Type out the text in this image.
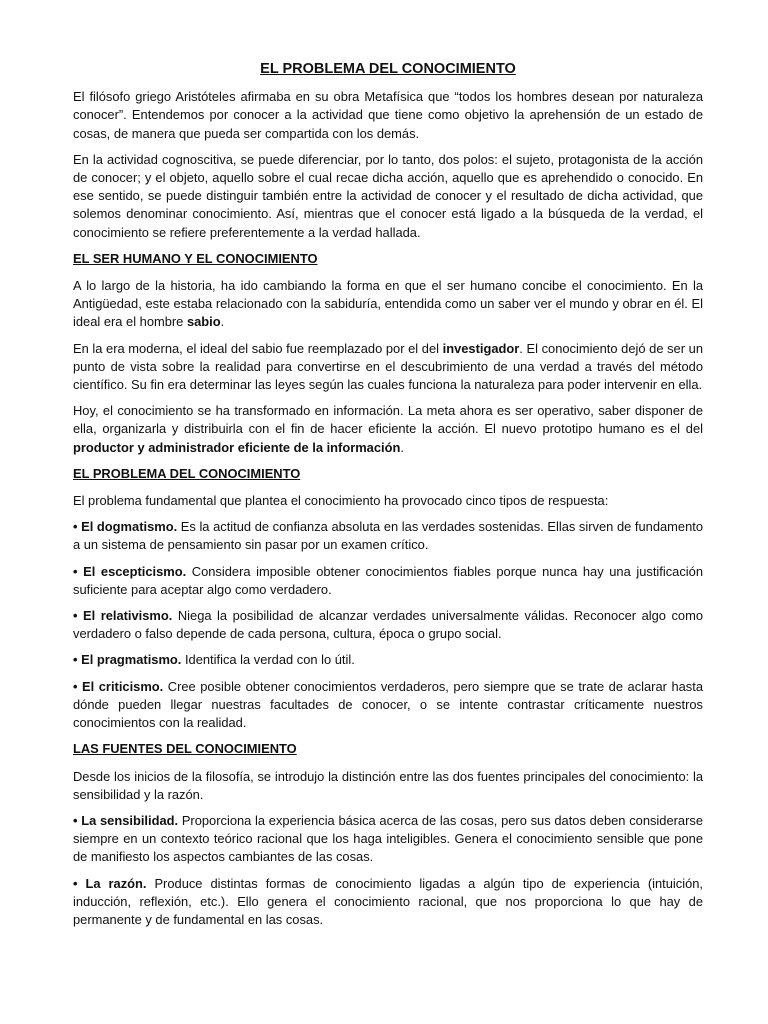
EL PROBLEMA DEL CONOCIMIENTO
El filósofo griego Aristóteles afirmaba en su obra Metafísica que “todos los hombres desean por naturaleza conocer”. Entendemos por conocer a la actividad que tiene como objetivo la aprehensión de un estado de cosas, de manera que pueda ser compartida con los demás.
En la actividad cognoscitiva, se puede diferenciar, por lo tanto, dos polos: el sujeto, protagonista de la acción de conocer; y el objeto, aquello sobre el cual recae dicha acción, aquello que es aprehendido o conocido. En ese sentido, se puede distinguir también entre la actividad de conocer y el resultado de dicha actividad, que solemos denominar conocimiento. Así, mientras que el conocer está ligado a la búsqueda de la verdad, el conocimiento se refiere preferentemente a la verdad hallada.
EL SER HUMANO Y EL CONOCIMIENTO
A lo largo de la historia, ha ido cambiando la forma en que el ser humano concibe el conocimiento. En la Antigüedad, este estaba relacionado con la sabiduría, entendida como un saber ver el mundo y obrar en él. El ideal era el hombre sabio.
En la era moderna, el ideal del sabio fue reemplazado por el del investigador. El conocimiento dejó de ser un punto de vista sobre la realidad para convertirse en el descubrimiento de una verdad a través del método científico. Su fin era determinar las leyes según las cuales funciona la naturaleza para poder intervenir en ella.
Hoy, el conocimiento se ha transformado en información. La meta ahora es ser operativo, saber disponer de ella, organizarla y distribuirla con el fin de hacer eficiente la acción. El nuevo prototipo humano es el del productor y administrador eficiente de la información.
EL PROBLEMA DEL CONOCIMIENTO
El problema fundamental que plantea el conocimiento ha provocado cinco tipos de respuesta:
• El dogmatismo. Es la actitud de confianza absoluta en las verdades sostenidas. Ellas sirven de fundamento a un sistema de pensamiento sin pasar por un examen crítico.
• El escepticismo. Considera imposible obtener conocimientos fiables porque nunca hay una justificación suficiente para aceptar algo como verdadero.
• El relativismo. Niega la posibilidad de alcanzar verdades universalmente válidas. Reconocer algo como verdadero o falso depende de cada persona, cultura, época o grupo social.
• El pragmatismo. Identifica la verdad con lo útil.
• El criticismo. Cree posible obtener conocimientos verdaderos, pero siempre que se trate de aclarar hasta dónde pueden llegar nuestras facultades de conocer, o se intente contrastar críticamente nuestros conocimientos con la realidad.
LAS FUENTES DEL CONOCIMIENTO
Desde los inicios de la filosofía, se introdujo la distinción entre las dos fuentes principales del conocimiento: la sensibilidad y la razón.
• La sensibilidad. Proporciona la experiencia básica acerca de las cosas, pero sus datos deben considerarse siempre en un contexto teórico racional que los haga inteligibles. Genera el conocimiento sensible que pone de manifiesto los aspectos cambiantes de las cosas.
• La razón. Produce distintas formas de conocimiento ligadas a algún tipo de experiencia (intuición, inducción, reflexión, etc.). Ello genera el conocimiento racional, que nos proporciona lo que hay de permanente y de fundamental en las cosas.
